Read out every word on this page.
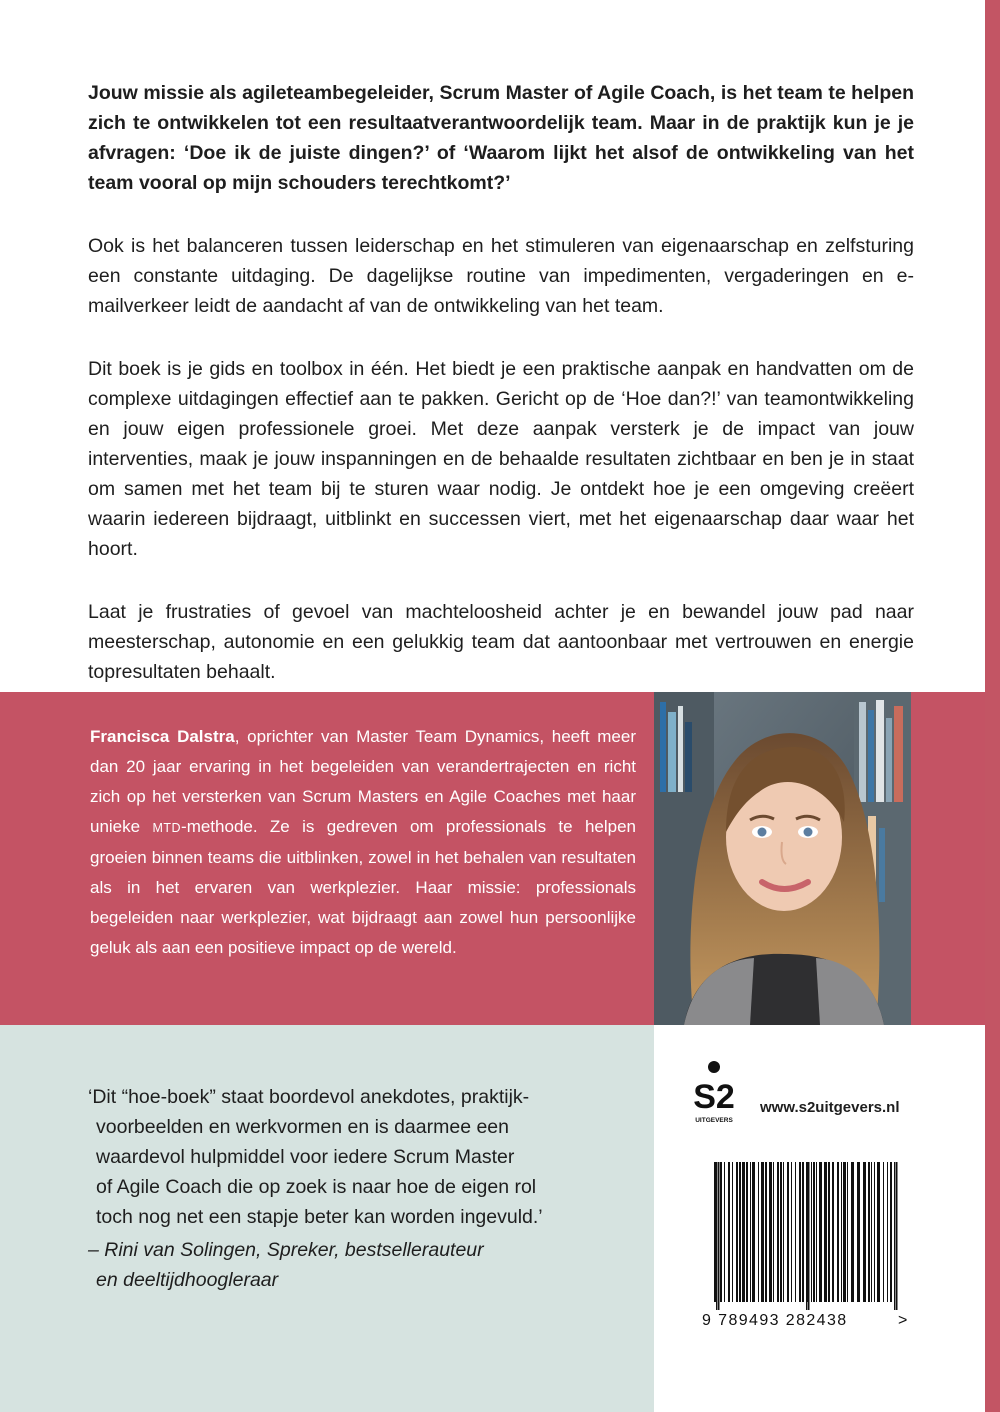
Jouw missie als agileteambegeleider, Scrum Master of Agile Coach, is het team te helpen zich te ontwikkelen tot een resultaatverantwoordelijk team. Maar in de praktijk kun je je afvragen: ‘Doe ik de juiste dingen?’ of ‘Waarom lijkt het alsof de ontwikkeling van het team vooral op mijn schouders terechtkomt?’

Ook is het balanceren tussen leiderschap en het stimuleren van eigenaarschap en zelfsturing een constante uitdaging. De dagelijkse routine van impedimenten, vergaderingen en e-mailverkeer leidt de aandacht af van de ontwikkeling van het team.

Dit boek is je gids en toolbox in één. Het biedt je een praktische aanpak en handvatten om de complexe uitdagingen effectief aan te pakken. Gericht op de ‘Hoe dan?!’ van teamontwikkeling en jouw eigen professionele groei. Met deze aanpak versterk je de impact van jouw interventies, maak je jouw inspanningen en de behaalde resultaten zichtbaar en ben je in staat om samen met het team bij te sturen waar nodig. Je ontdekt hoe je een omgeving creëert waarin iedereen bijdraagt, uitblinkt en successen viert, met het eigenaarschap daar waar het hoort.

Laat je frustraties of gevoel van machteloosheid achter je en bewandel jouw pad naar meesterschap, autonomie en een gelukkig team dat aantoonbaar met vertrouwen en energie topresultaten behaalt.

Francisca Dalstra, oprichter van Master Team Dynamics, heeft meer dan 20 jaar ervaring in het begeleiden van verandertrajecten en richt zich op het versterken van Scrum Masters en Agile Coaches met haar unieke MTD-methode. Ze is gedreven om professionals te helpen groeien binnen teams die uitblinken, zowel in het behalen van resultaten als in het ervaren van werkplezier. Haar missie: professionals begeleiden naar werkplezier, wat bijdraagt aan zowel hun persoonlijke geluk als aan een positieve impact op de wereld.
‘Dit “hoe-boek” staat boordevol anekdotes, praktijk-
voorbeelden en werkvormen en is daarmee een
waardevol hulpmiddel voor iedere Scrum Master
of Agile Coach die op zoek is naar hoe de eigen rol
toch nog net een stapje beter kan worden ingevuld.’
– Rini van Solingen, Spreker, bestsellerauteur
en deeltijdhoogleraar
S2
UITGEVERS
www.s2uitgevers.nl
9 789493 282438	>
